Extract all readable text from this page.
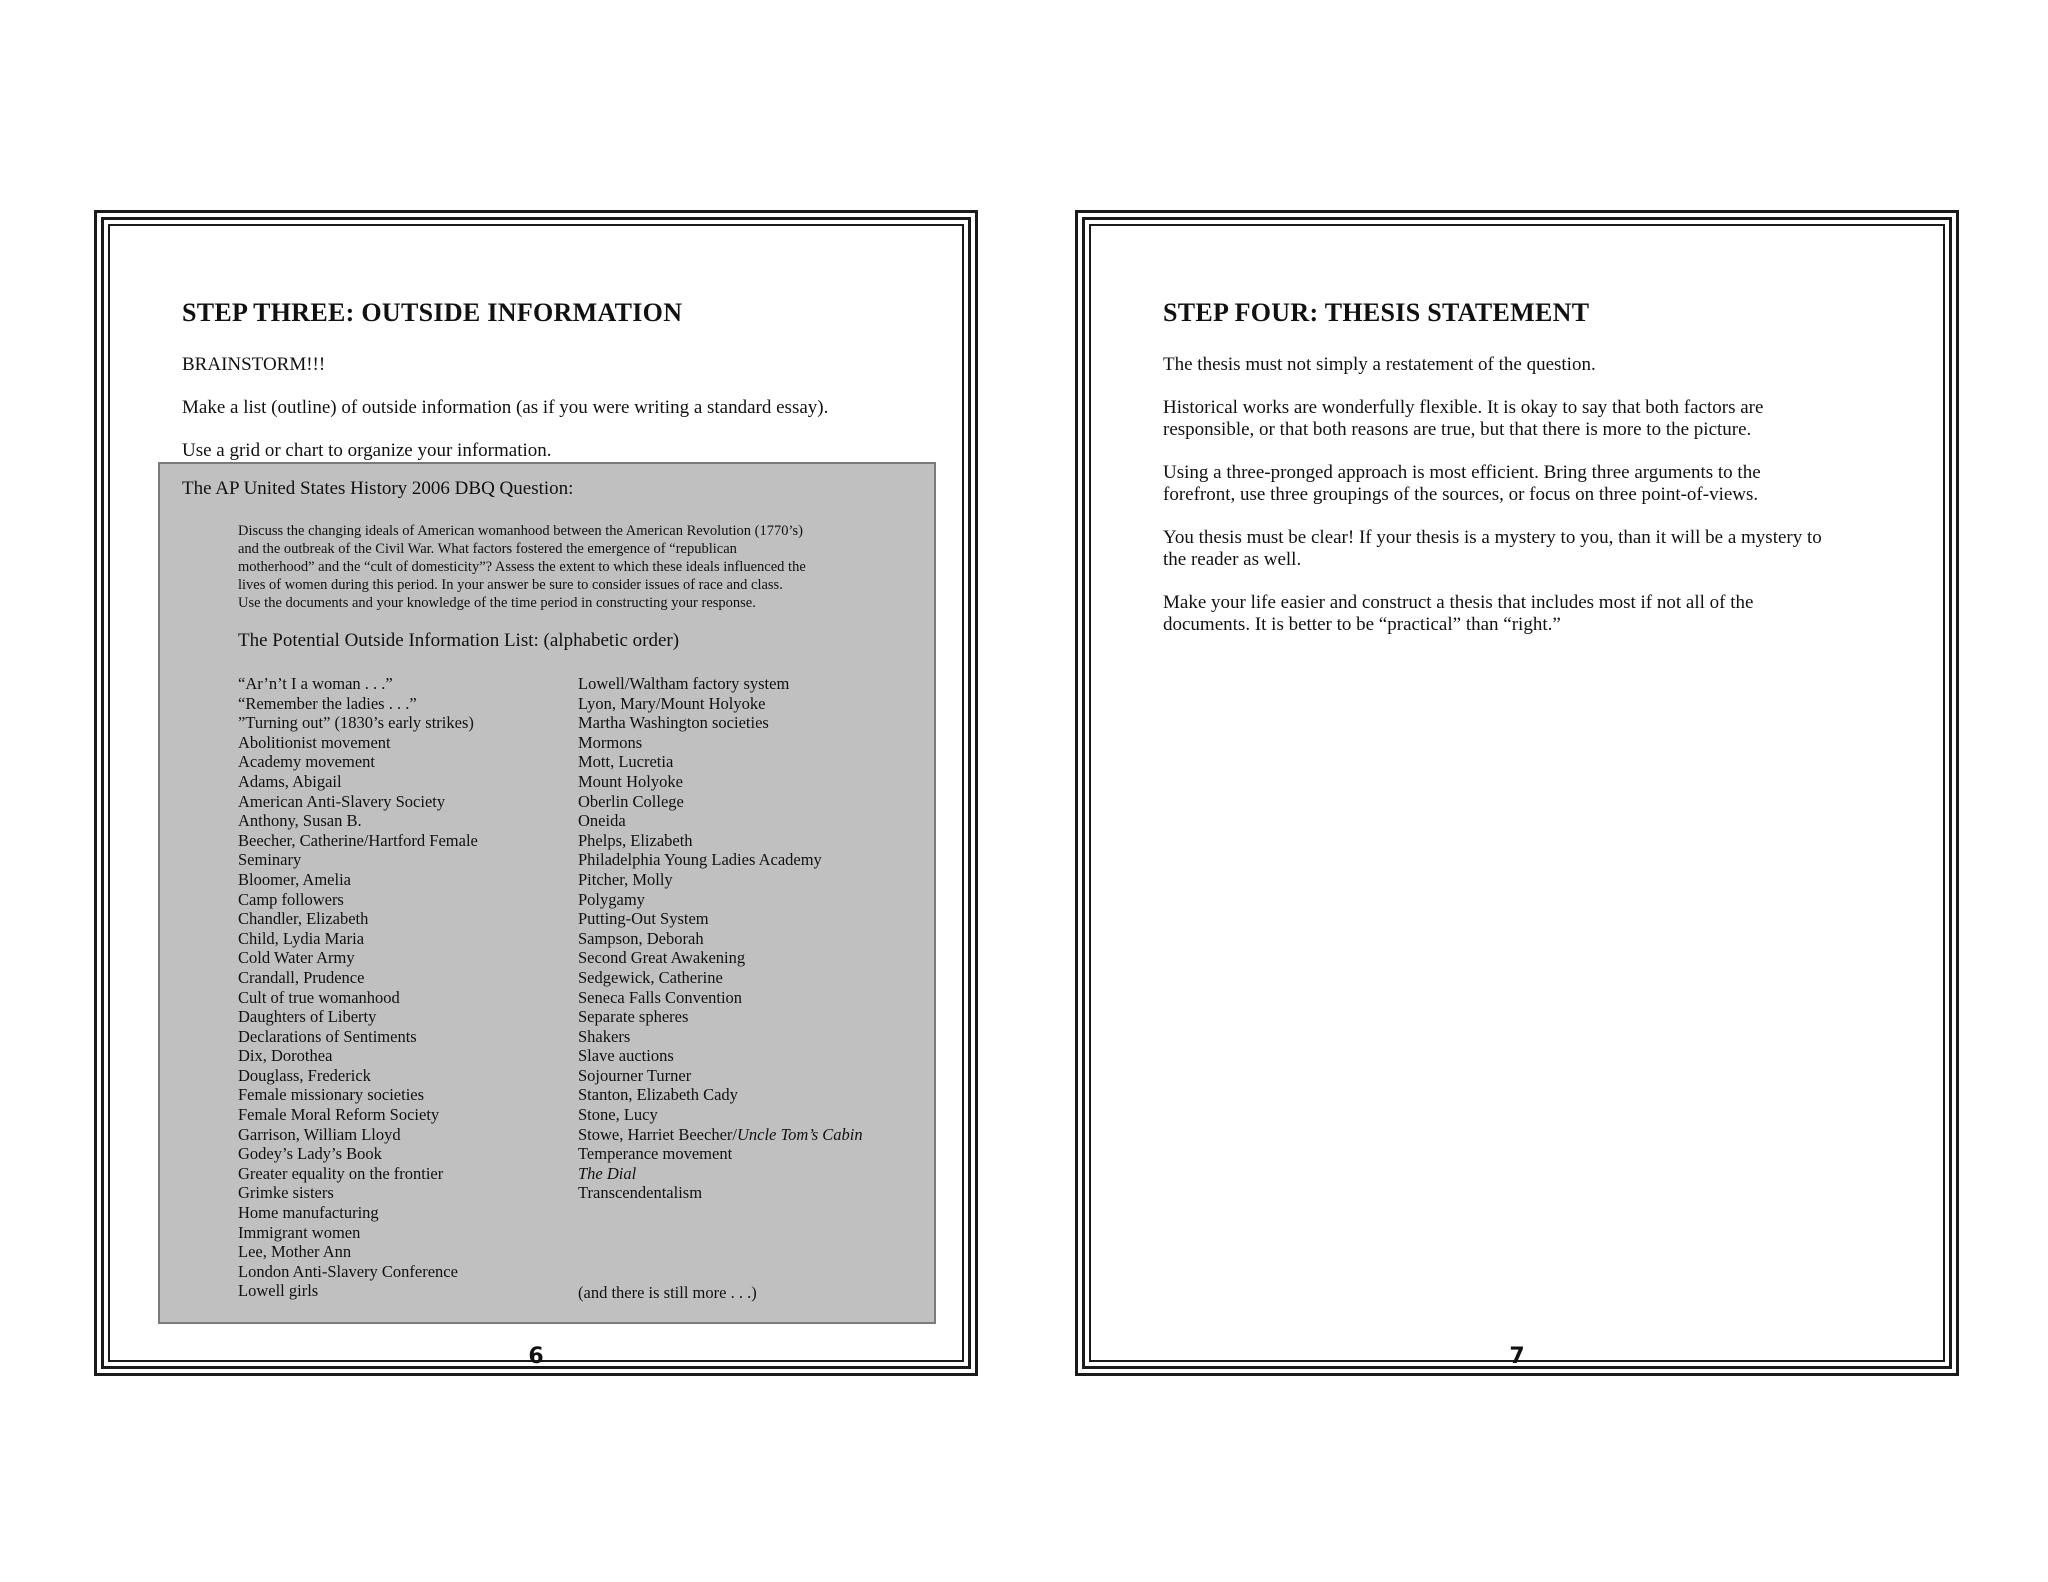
STEP THREE: OUTSIDE INFORMATION

BRAINSTORM!!!

Make a list (outline) of outside information (as if you were writing a standard essay).

Use a grid or chart to organize your information.

The AP United States History 2006 DBQ Question:
Discuss the changing ideals of American womanhood between the American Revolution (1770’s)
and the outbreak of the Civil War. What factors fostered the emergence of “republican
motherhood” and the “cult of domesticity”? Assess the extent to which these ideals influenced the
lives of women during this period. In your answer be sure to consider issues of race and class.
Use the documents and your knowledge of the time period in constructing your response.
The Potential Outside Information List: (alphabetic order)
“Ar’n’t I a woman . . .”
“Remember the ladies . . .”
”Turning out” (1830’s early strikes)
Abolitionist movement
Academy movement
Adams, Abigail
American Anti-Slavery Society
Anthony, Susan B.
Beecher, Catherine/Hartford Female
Seminary
Bloomer, Amelia
Camp followers
Chandler, Elizabeth
Child, Lydia Maria
Cold Water Army
Crandall, Prudence
Cult of true womanhood
Daughters of Liberty
Declarations of Sentiments
Dix, Dorothea
Douglass, Frederick
Female missionary societies
Female Moral Reform Society
Garrison, William Lloyd
Godey’s Lady’s Book
Greater equality on the frontier
Grimke sisters
Home manufacturing
Immigrant women
Lee, Mother Ann
London Anti-Slavery Conference
Lowell girls
Lowell/Waltham factory system
Lyon, Mary/Mount Holyoke
Martha Washington societies
Mormons
Mott, Lucretia
Mount Holyoke
Oberlin College
Oneida
Phelps, Elizabeth
Philadelphia Young Ladies Academy
Pitcher, Molly
Polygamy
Putting-Out System
Sampson, Deborah
Second Great Awakening
Sedgewick, Catherine
Seneca Falls Convention
Separate spheres
Shakers
Slave auctions
Sojourner Turner
Stanton, Elizabeth Cady
Stone, Lucy
Stowe, Harriet Beecher/Uncle Tom’s Cabin
Temperance movement
The Dial
Transcendentalism
(and there is still more . . .)
6
STEP FOUR: THESIS STATEMENT

The thesis must not simply a restatement of the question.

Historical works are wonderfully flexible. It is okay to say that both factors are
responsible, or that both reasons are true, but that there is more to the picture.
Using a three-pronged approach is most efficient. Bring three arguments to the
forefront, use three groupings of the sources, or focus on three point-of-views.
You thesis must be clear! If your thesis is a mystery to you, than it will be a mystery to
the reader as well.
Make your life easier and construct a thesis that includes most if not all of the
documents. It is better to be “practical” than “right.”
7
